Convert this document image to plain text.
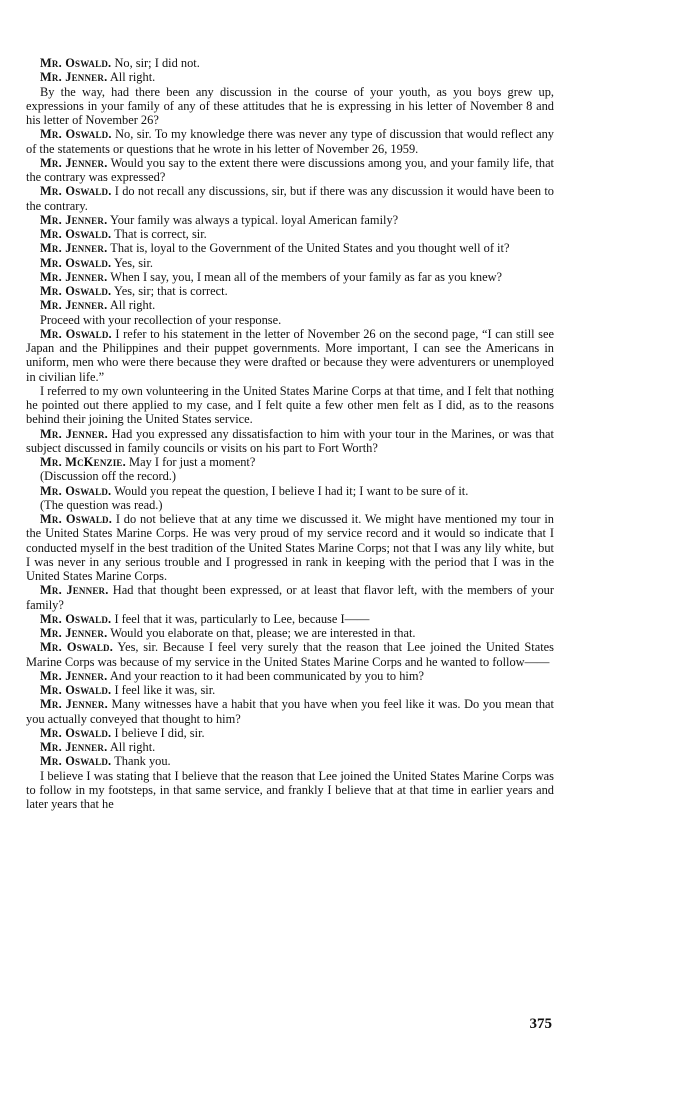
Mr. Oswald. No, sir; I did not.

Mr. Jenner. All right.

By the way, had there been any discussion in the course of your youth, as you boys grew up, expressions in your family of any of these attitudes that he is expressing in his letter of November 8 and his letter of November 26?

Mr. Oswald. No, sir. To my knowledge there was never any type of discussion that would reflect any of the statements or questions that he wrote in his letter of November 26, 1959.

Mr. Jenner. Would you say to the extent there were discussions among you, and your family life, that the contrary was expressed?

Mr. Oswald. I do not recall any discussions, sir, but if there was any discussion it would have been to the contrary.

Mr. Jenner. Your family was always a typical. loyal American family?

Mr. Oswald. That is correct, sir.

Mr. Jenner. That is, loyal to the Government of the United States and you thought well of it?

Mr. Oswald. Yes, sir.

Mr. Jenner. When I say, you, I mean all of the members of your family as far as you knew?

Mr. Oswald. Yes, sir; that is correct.

Mr. Jenner. All right.

Proceed with your recollection of your response.

Mr. Oswald. I refer to his statement in the letter of November 26 on the second page, “I can still see Japan and the Philippines and their puppet governments. More important, I can see the Americans in uniform, men who were there because they were drafted or because they were adventurers or unemployed in civilian life.”

I referred to my own volunteering in the United States Marine Corps at that time, and I felt that nothing he pointed out there applied to my case, and I felt quite a few other men felt as I did, as to the reasons behind their joining the United States service.

Mr. Jenner. Had you expressed any dissatisfaction to him with your tour in the Marines, or was that subject discussed in family councils or visits on his part to Fort Worth?

Mr. McKenzie. May I for just a moment?

(Discussion off the record.)

Mr. Oswald. Would you repeat the question, I believe I had it; I want to be sure of it.

(The question was read.)

Mr. Oswald. I do not believe that at any time we discussed it. We might have mentioned my tour in the United States Marine Corps. He was very proud of my service record and it would so indicate that I conducted myself in the best tradition of the United States Marine Corps; not that I was any lily white, but I was never in any serious trouble and I progressed in rank in keeping with the period that I was in the United States Marine Corps.

Mr. Jenner. Had that thought been expressed, or at least that flavor left, with the members of your family?

Mr. Oswald. I feel that it was, particularly to Lee, because I——

Mr. Jenner. Would you elaborate on that, please; we are interested in that.

Mr. Oswald. Yes, sir. Because I feel very surely that the reason that Lee joined the United States Marine Corps was because of my service in the United States Marine Corps and he wanted to follow——

Mr. Jenner. And your reaction to it had been communicated by you to him?

Mr. Oswald. I feel like it was, sir.

Mr. Jenner. Many witnesses have a habit that you have when you feel like it was. Do you mean that you actually conveyed that thought to him?

Mr. Oswald. I believe I did, sir.

Mr. Jenner. All right.

Mr. Oswald. Thank you.

I believe I was stating that I believe that the reason that Lee joined the United States Marine Corps was to follow in my footsteps, in that same service, and frankly I believe that at that time in earlier years and later years that he

375
